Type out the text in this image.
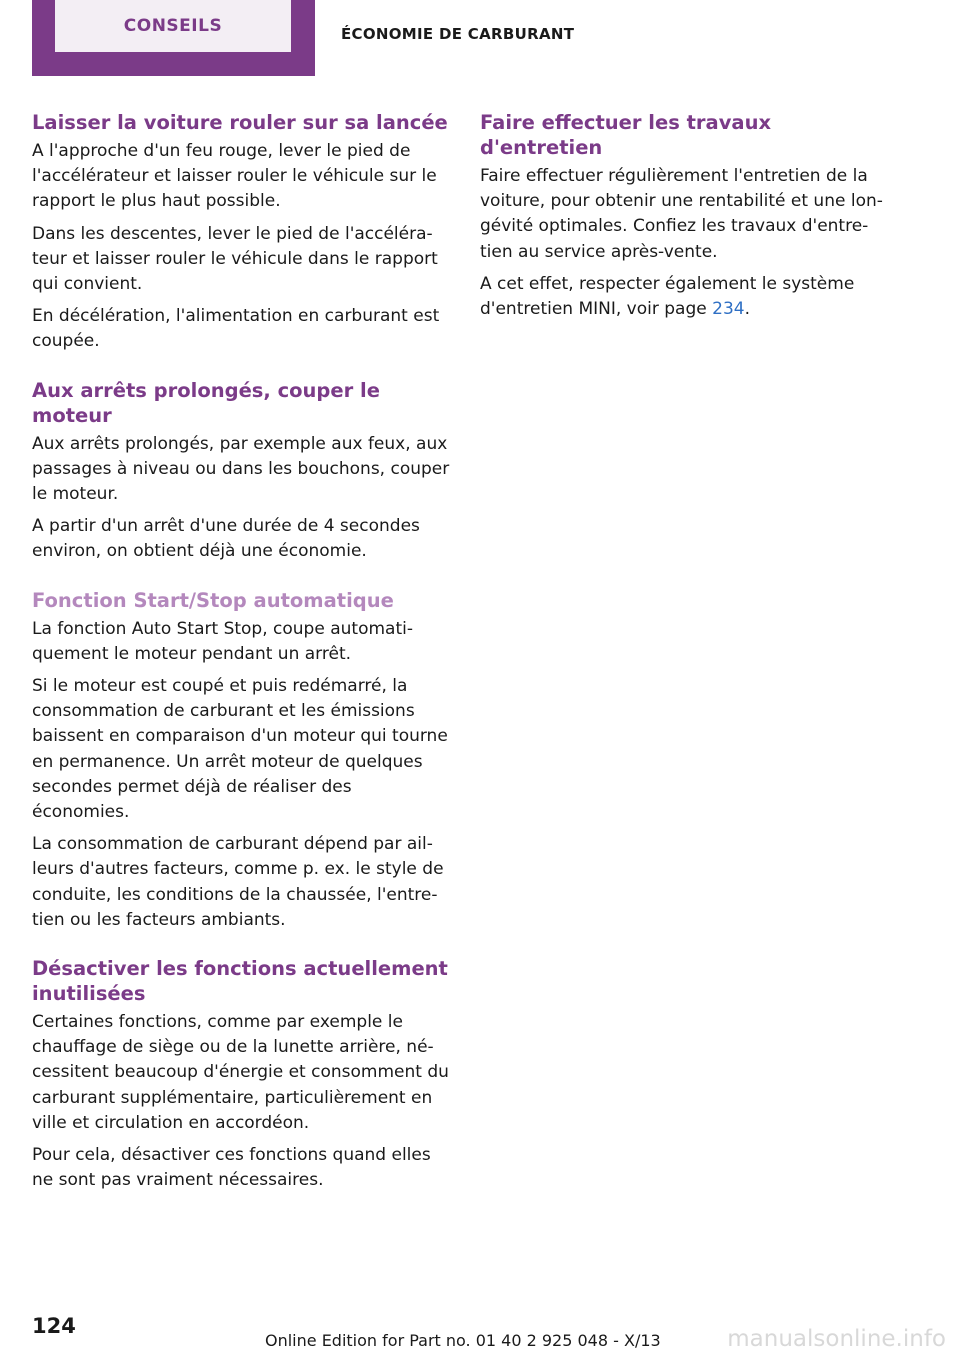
CONSEILS	ÉCONOMIE DE CARBURANT
Laisser la voiture rouler sur sa lancée

A l'approche d'un feu rouge, lever le pied de l'accélérateur et laisser rouler le véhicule sur le rapport le plus haut possible.

Dans les descentes, lever le pied de l'accéléra‐ teur et laisser rouler le véhicule dans le rapport qui convient.

En décélération, l'alimentation en carburant est coupée.

Aux arrêts prolongés, couper le moteur

Aux arrêts prolongés, par exemple aux feux, aux passages à niveau ou dans les bouchons, couper le moteur.

A partir d'un arrêt d'une durée de 4 secondes environ, on obtient déjà une économie.

Fonction Start/Stop automatique

La fonction Auto Start Stop, coupe automati‐ quement le moteur pendant un arrêt.

Si le moteur est coupé et puis redémarré, la consommation de carburant et les émissions baissent en comparaison d'un moteur qui tourne en permanence. Un arrêt moteur de quelques secondes permet déjà de réaliser des économies.

La consommation de carburant dépend par ail‐ leurs d'autres facteurs, comme p. ex. le style de conduite, les conditions de la chaussée, l'entre‐ tien ou les facteurs ambiants.

Désactiver les fonctions actuellement inutilisées

Certaines fonctions, comme par exemple le chauffage de siège ou de la lunette arrière, né‐ cessitent beaucoup d'énergie et consomment du carburant supplémentaire, particulièrement en ville et circulation en accordéon.

Pour cela, désactiver ces fonctions quand elles ne sont pas vraiment nécessaires.

Faire effectuer les travaux d'entretien

Faire effectuer régulièrement l'entretien de la voiture, pour obtenir une rentabilité et une lon‐ gévité optimales. Confiez les travaux d'entre‐ tien au service après-vente.

A cet effet, respecter également le système d'entretien MINI, voir page 234.

124
Online Edition for Part no. 01 40 2 925 048 - X/13	manualsonline.info
